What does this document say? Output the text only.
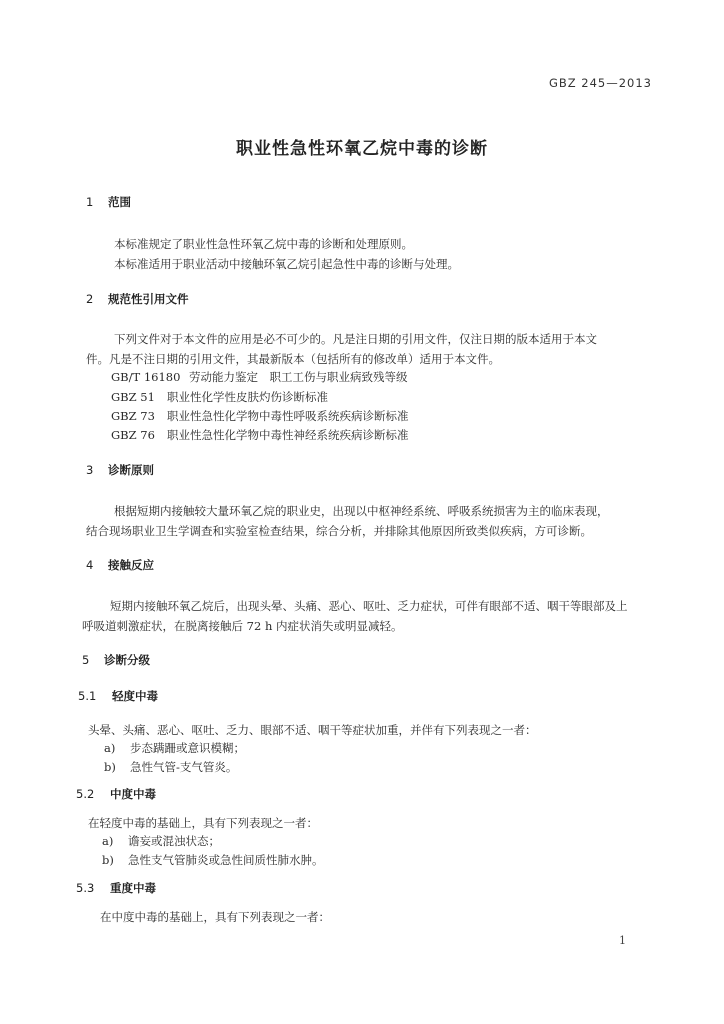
GBZ 245—2013
职业性急性环氧乙烷中毒的诊断
1 范围
本标准规定了职业性急性环氧乙烷中毒的诊断和处理原则。
本标准适用于职业活动中接触环氧乙烷引起急性中毒的诊断与处理。
2 规范性引用文件
下列文件对于本文件的应用是必不可少的。凡是注日期的引用文件，仅注日期的版本适用于本文
件。凡是不注日期的引用文件，其最新版本（包括所有的修改单）适用于本文件。
GB/T 16180 劳动能力鉴定　职工工伤与职业病致残等级
GBZ 51 职业性化学性皮肤灼伤诊断标准
GBZ 73 职业性急性化学物中毒性呼吸系统疾病诊断标准
GBZ 76 职业性急性化学物中毒性神经系统疾病诊断标准
3 诊断原则
根据短期内接触较大量环氧乙烷的职业史，出现以中枢神经系统、呼吸系统损害为主的临床表现，
结合现场职业卫生学调查和实验室检查结果，综合分析，并排除其他原因所致类似疾病，方可诊断。
4 接触反应
短期内接触环氧乙烷后，出现头晕、头痛、恶心、呕吐、乏力症状，可伴有眼部不适、咽干等眼部及上
呼吸道刺激症状，在脱离接触后 72 h 内症状消失或明显减轻。
5 诊断分级
5.1 轻度中毒
头晕、头痛、恶心、呕吐、乏力、眼部不适、咽干等症状加重，并伴有下列表现之一者：
a) 步态蹒跚或意识模糊；
b) 急性气管-支气管炎。
5.2 中度中毒
在轻度中毒的基础上，具有下列表现之一者：
a) 谵妄或混浊状态；
b) 急性支气管肺炎或急性间质性肺水肿。
5.3 重度中毒
在中度中毒的基础上，具有下列表现之一者：
1
